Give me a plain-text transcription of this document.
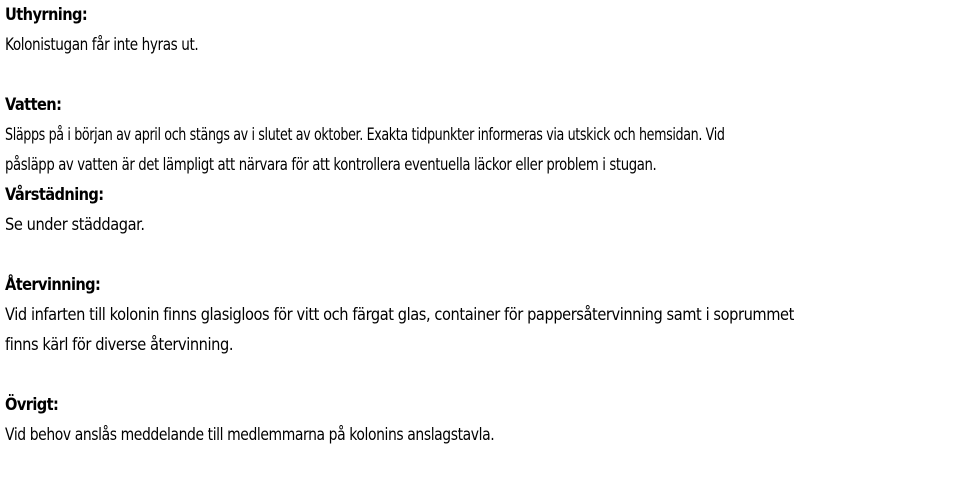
Uthyrning:
Kolonistugan får inte hyras ut.
Vatten:
Släpps på i början av april och stängs av i slutet av oktober. Exakta tidpunkter informeras via utskick och hemsidan. Vid
påsläpp av vatten är det lämpligt att närvara för att kontrollera eventuella läckor eller problem i stugan.
Vårstädning:
Se under städdagar.
Återvinning:
Vid infarten till kolonin finns glasigloos för vitt och färgat glas, container för pappersåtervinning samt i soprummet
finns kärl för diverse återvinning.
Övrigt:
Vid behov anslås meddelande till medlemmarna på kolonins anslagstavla.
